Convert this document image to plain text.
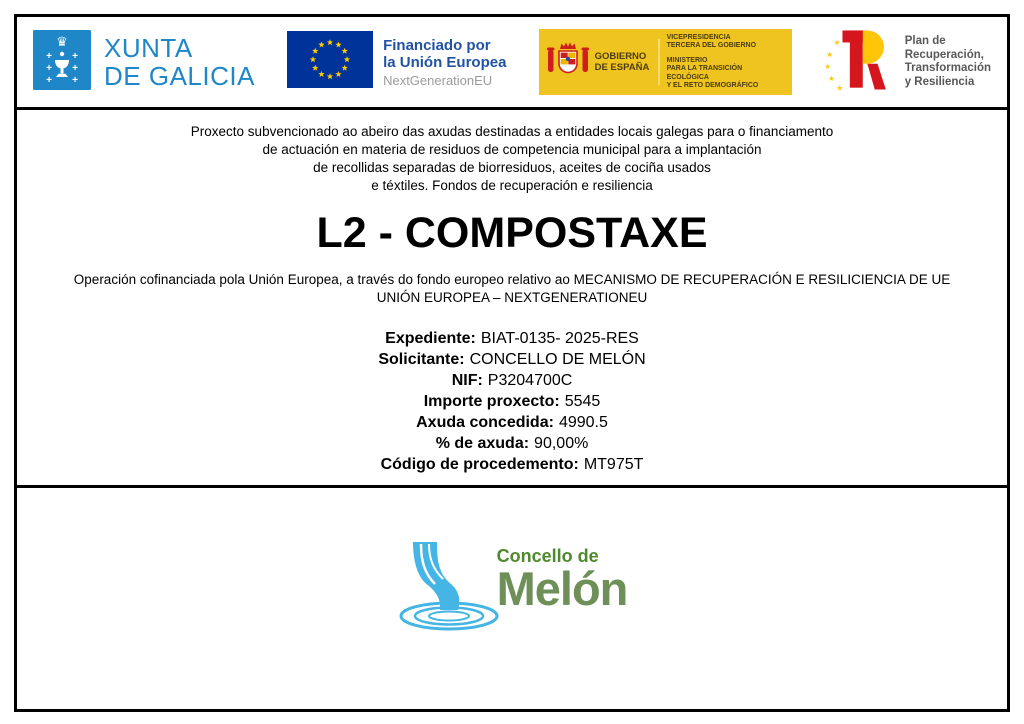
♛
+ +
+ +
+ +
XUNTA
DE GALICIA
Financiado por
la Unión Europea
NextGenerationEU
GOBIERNO
DE ESPAÑA
VICEPRESIDENCIA
TERCERA DEL GOBIERNO
MINISTERIO
PARA LA TRANSICIÓN ECOLÓGICA
Y EL RETO DEMOGRÁFICO
★
★
★
★
★
Plan de
Recuperación,
Transformación
y Resiliencia
Proxecto subvencionado ao abeiro das axudas destinadas a entidades locais galegas para o financiamento
de actuación en materia de residuos de competencia municipal para a implantación
de recollidas separadas de biorresiduos, aceites de cociña usados
e téxtiles. Fondos de recuperación e resiliencia
L2 - COMPOSTAXE
Operación cofinanciada pola Unión Europea, a través do fondo europeo relativo ao MECANISMO DE RECUPERACIÓN E RESILICIENCIA DE UE
UNIÓN EUROPEA – NEXTGENERATIONEU
Expediente: BIAT-0135- 2025-RES
Solicitante: CONCELLO DE MELÓN
NIF: P3204700C
Importe proxecto: 5545
Axuda concedida: 4990.5
% de axuda: 90,00%
Código de procedemento: MT975T
Concello de
Melón
